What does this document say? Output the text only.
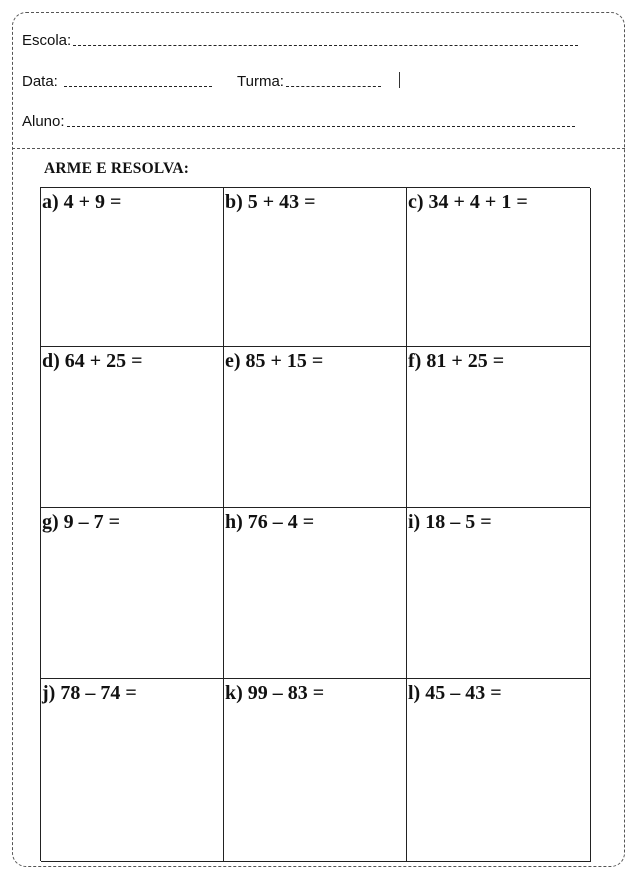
Escola:
Data:	Turma:
Aluno:
ARME E RESOLVA:
a) 4 + 9 =	b) 5 + 43 =	c) 34 + 4 + 1 =
d) 64 + 25 =	e) 85 + 15 =	f) 81 + 25 =
g) 9 – 7 =	h) 76 – 4 =	i) 18 – 5 =
j) 78 – 74 =	k) 99 – 83 =	l) 45 – 43 =
